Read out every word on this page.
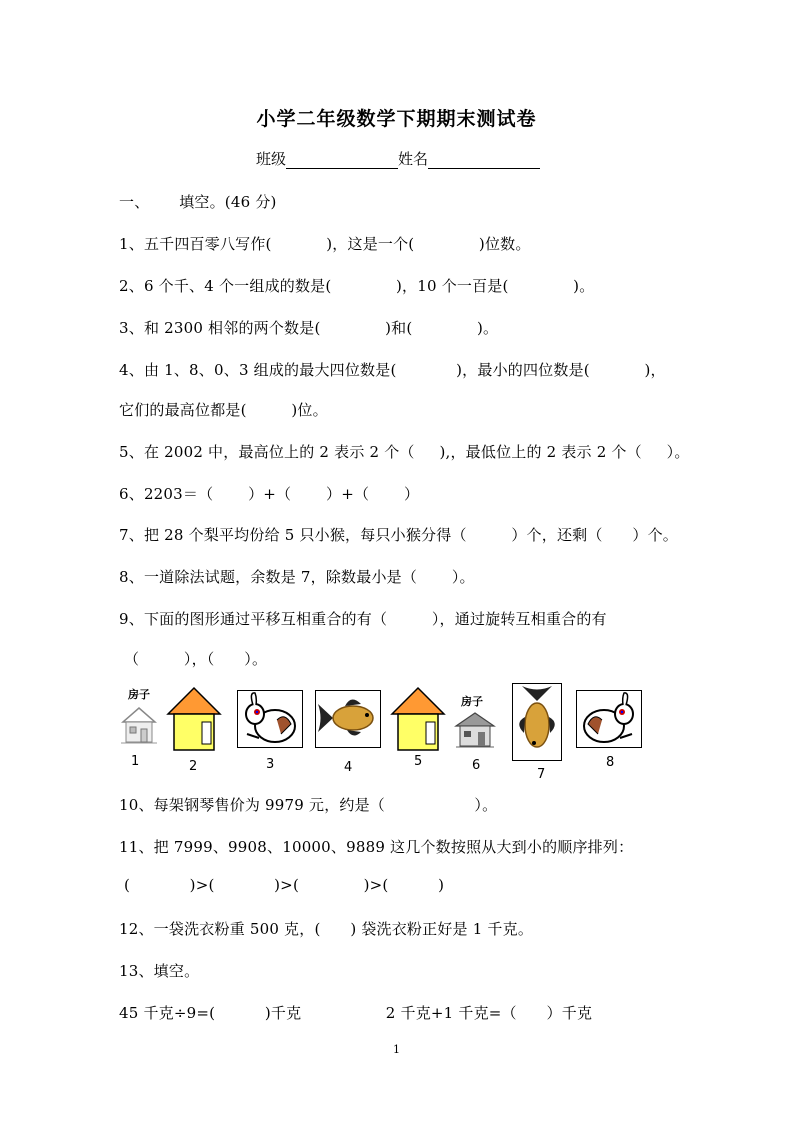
小学二年级数学下期期末测试卷
班级	姓名
一、      填空。(46 分)
1、五千四百零八写作(           )，这是一个(             )位数。
2、6 个千、4 个一组成的数是(             )，10 个一百是(             )。
3、和 2300 相邻的两个数是(             )和(             )。
4、由 1、8、0、3 组成的最大四位数是(            )，最小的四位数是(           )，
它们的最高位都是(         )位。
5、在 2002 中，最高位上的 2 表示 2 个（     ),，最低位上的 2 表示 2 个（     ）。
6、2203＝（       ）+（       ）+（       ）
7、把 28 个梨平均份给 5 只小猴，每只小猴分得（         ）个，还剩（      ）个。
8、一道除法试题，余数是 7，除数最小是（       ）。
9、下面的图形通过平移互相重合的有（         ），通过旋转互相重合的有
（         ），（      ）。
房子
1	2	3	4	5
房子
6
7
8
10、每架钢琴售价为 9979 元，约是（                  ）。
11、把 7999、9908、10000、9889 这几个数按照从大到小的顺序排列：
(            )>(            )>(             )>(          )
12、一袋洗衣粉重 500 克，(      ) 袋洗衣粉正好是 1 千克。
13、填空。
45 千克÷9=(          )千克                 2 千克+1 千克=（      ）千克
1
